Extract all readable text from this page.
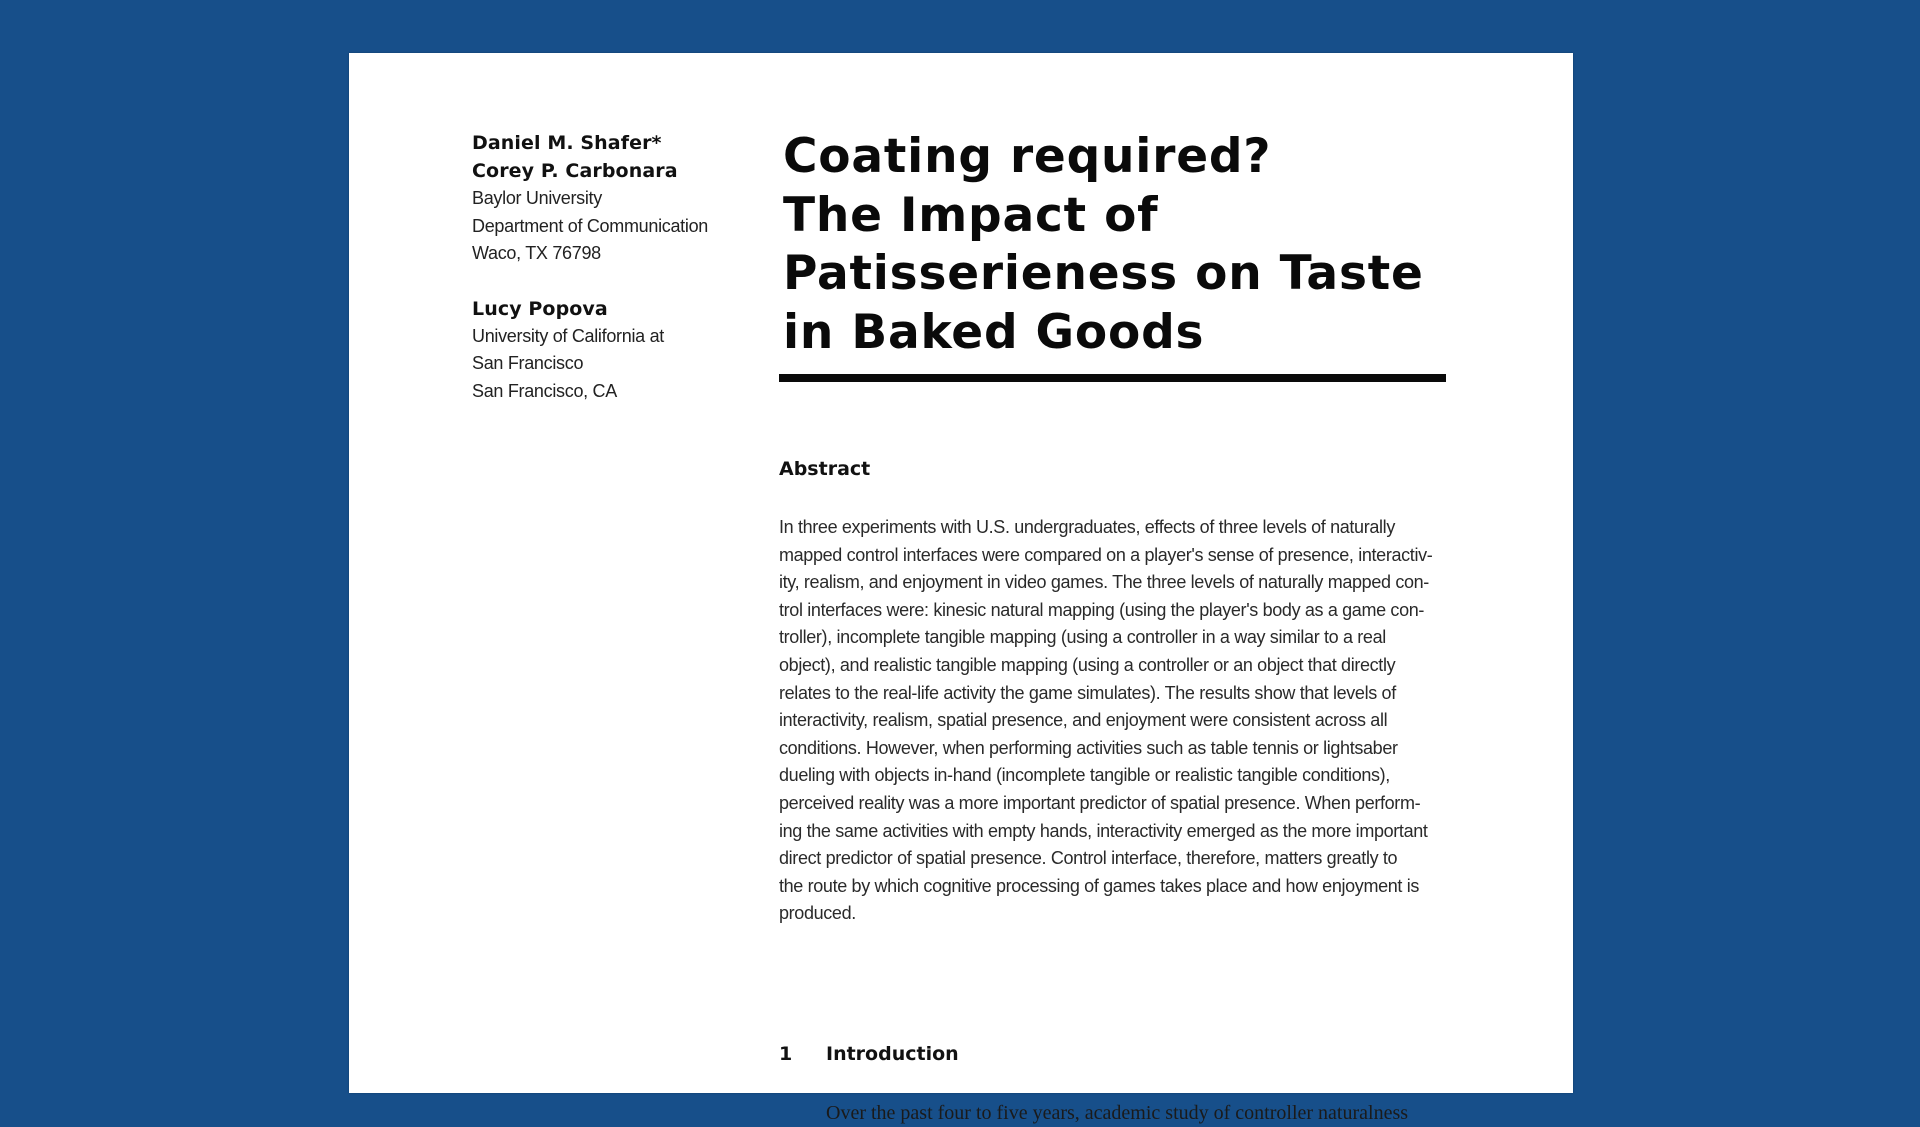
Daniel M. Shafer*
Corey P. Carbonara
Baylor University
Department of Communication
Waco, TX 76798
Lucy Popova
University of California at
San Francisco
San Francisco, CA
Coating required?
The Impact of
Patisserieness on Taste
in Baked Goods
Abstract
In three experiments with U.S. undergraduates, effects of three levels of naturally
mapped control interfaces were compared on a player's sense of presence, interactiv-
ity, realism, and enjoyment in video games. The three levels of naturally mapped con-
trol interfaces were: kinesic natural mapping (using the player's body as a game con-
troller), incomplete tangible mapping (using a controller in a way similar to a real
object), and realistic tangible mapping (using a controller or an object that directly
relates to the real-life activity the game simulates). The results show that levels of
interactivity, realism, spatial presence, and enjoyment were consistent across all
conditions. However, when performing activities such as table tennis or lightsaber
dueling with objects in-hand (incomplete tangible or realistic tangible conditions),
perceived reality was a more important predictor of spatial presence. When perform-
ing the same activities with empty hands, interactivity emerged as the more important
direct predictor of spatial presence. Control interface, therefore, matters greatly to
the route by which cognitive processing of games takes place and how enjoyment is
produced.
1 Introduction
Over the past four to five years, academic study of controller naturalness
